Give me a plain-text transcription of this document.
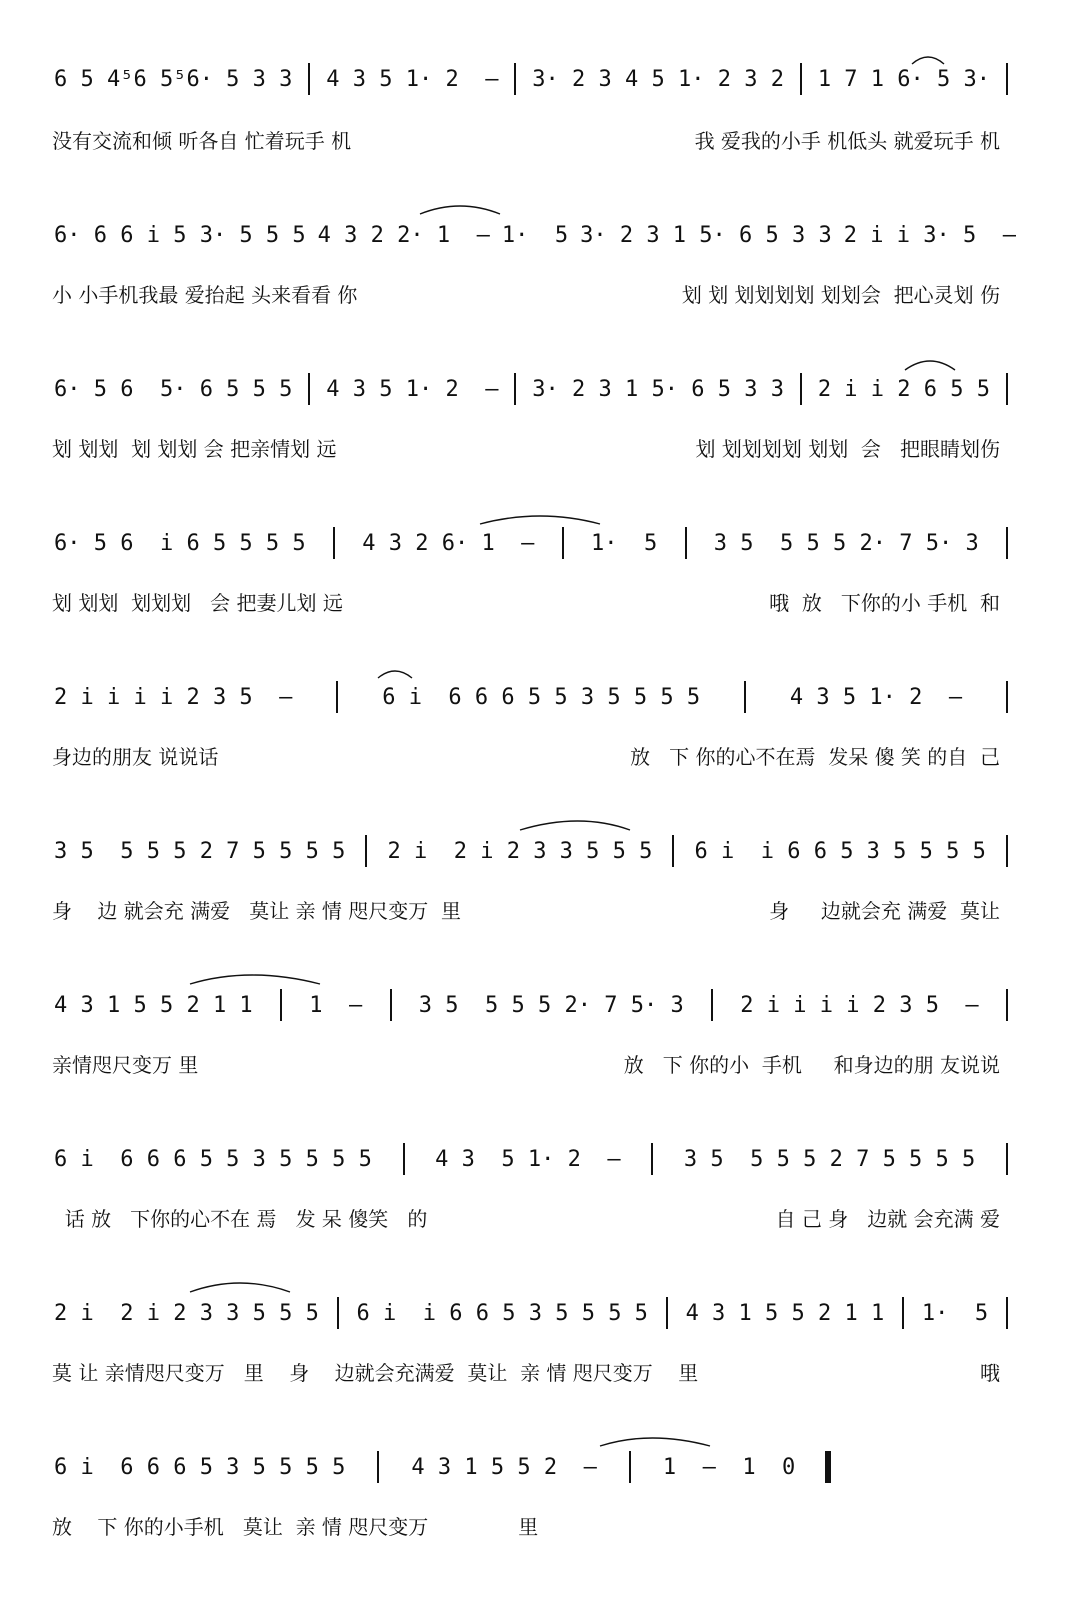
6 5 4⁵6 5⁵6· 5 3 3 4 3 5 1· 2  – 3· 2 3 4 5 1· 2 3 2 1 7 1 6· 5 3·
没有交流和倾 听各自 忙着玩手 机	我 爱我的小手 机低头 就爱玩手 机
6· 6 6 i 5 3· 5 5 5 4 3 2 2· 1  – 1·  5 3· 2 3 1 5· 6 5 3 3 2 i i 3· 5  –
小 小手机我最 爱抬起 头来看看 你	划 划 划划划划 划划会  把心灵划 伤
6· 5 6  5· 6 5 5 5 4 3 5 1· 2  – 3· 2 3 1 5· 6 5 3 3 2 i i 2 6 5 5
划 划划  划 划划 会 把亲情划 远	划 划划划划 划划  会   把眼睛划伤
6· 5 6  i 6 5 5 5 5	4 3 2 6· 1  –	1·  5	3 5  5 5 5 2· 7 5· 3
划 划划  划划划   会 把妻儿划 远	哦  放   下你的小 手机  和
2 i i i i 2 3 5  –	6 i  6 6 6 5 5 3 5 5 5 5	4 3 5 1· 2  –
身边的朋友 说说话	放   下 你的心不在焉  发呆 傻 笑 的自  己
3 5  5 5 5 2 7 5 5 5 5 2 i  2 i 2 3 3 5 5 5 6 i  i 6 6 5 3 5 5 5 5
身    边 就会充 满爱   莫让 亲 情 咫尺变万  里	身     边就会充 满爱  莫让
4 3 1 5 5 2 1 1	1  –	3 5  5 5 5 2· 7 5· 3	2 i i i i 2 3 5  –
亲情咫尺变万 里	放   下 你的小  手机     和身边的朋 友说说
6 i  6 6 6 5 5 3 5 5 5 5	4 3  5 1· 2  –	3 5  5 5 5 2 7 5 5 5 5
话 放   下你的心不在 焉   发 呆 傻笑   的	自 己 身   边就 会充满 爱
2 i  2 i 2 3 3 5 5 5 6 i  i 6 6 5 3 5 5 5 5 4 3 1 5 5 2 1 1 1·  5
莫 让 亲情咫尺变万   里    身    边就会充满爱  莫让  亲 情 咫尺变万    里	哦
6 i  6 6 6 5 3 5 5 5 5	4 3 1 5 5 2  –	1  –  1  0
放    下 你的小手机   莫让  亲 情 咫尺变万	里
